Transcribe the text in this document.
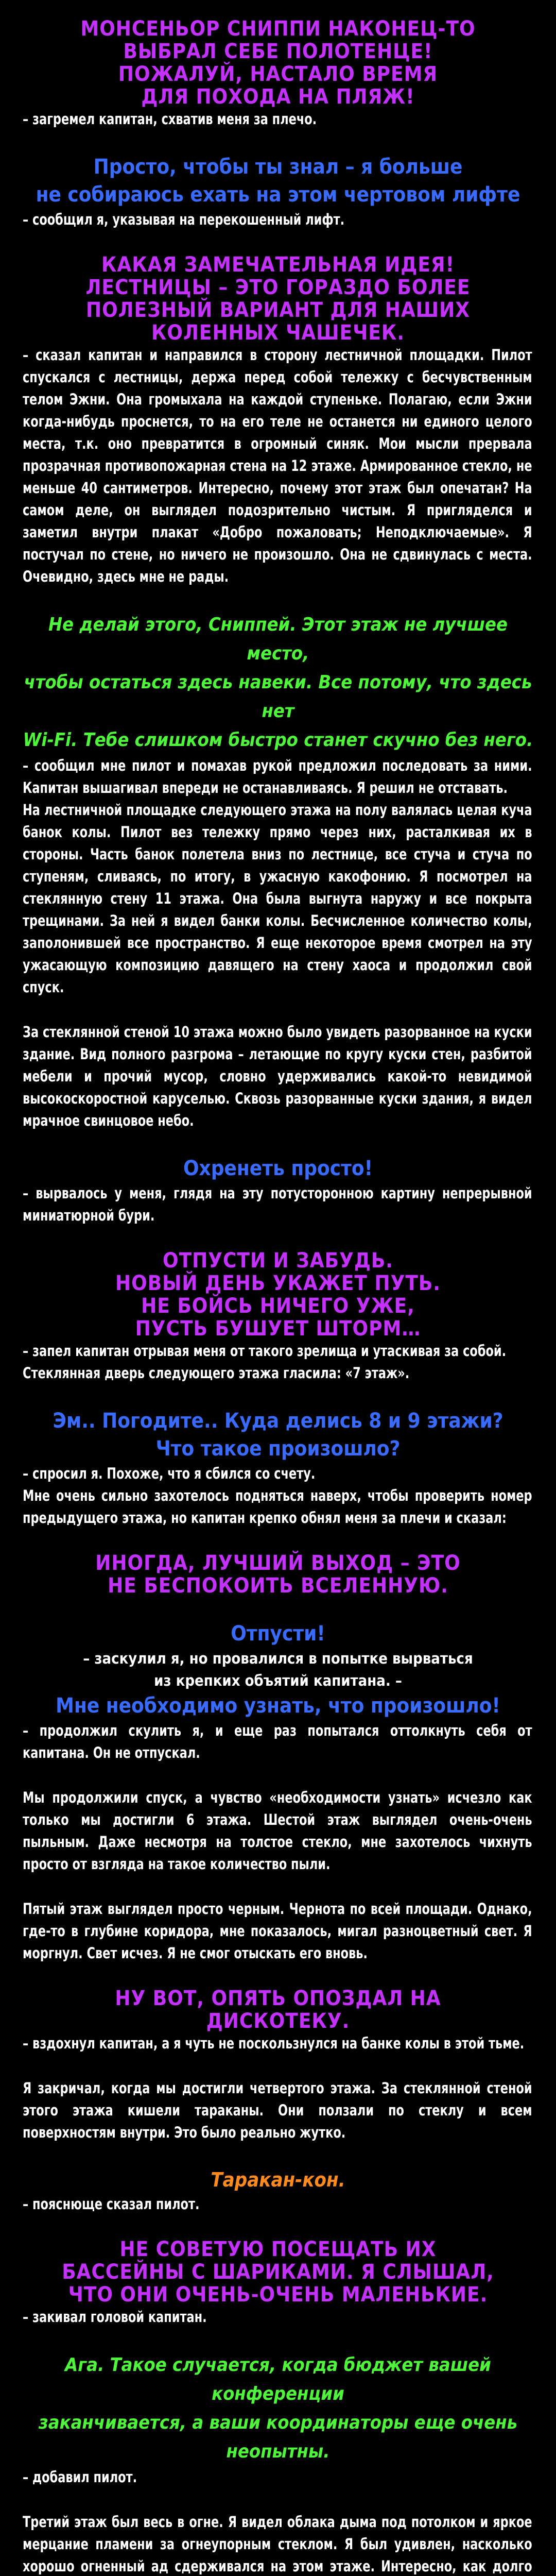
МОНСЕНЬОР СНИППИ НАКОНЕЦ-ТО
ВЫБРАЛ СЕБЕ ПОЛОТЕНЦЕ!
ПОЖАЛУЙ, НАСТАЛО ВРЕМЯ
ДЛЯ ПОХОДА НА ПЛЯЖ!
– загремел капитан, схватив меня за плечо.
Просто, чтобы ты знал – я больше
не собираюсь ехать на этом чертовом лифте
– сообщил я, указывая на перекошенный лифт.
КАКАЯ ЗАМЕЧАТЕЛЬНАЯ ИДЕЯ!
ЛЕСТНИЦЫ – ЭТО ГОРАЗДО БОЛЕЕ
ПОЛЕЗНЫЙ ВАРИАНТ ДЛЯ НАШИХ
КОЛЕННЫХ ЧАШЕЧЕК.
– сказал капитан и направился в сторону лестничной площадки. Пилот спускался с лестницы, держа перед собой тележку с бесчувственным телом Эжни. Она громыхала на каждой ступеньке. Полагаю, если Эжни когда-нибудь проснется, то на его теле не останется ни единого целого места, т.к. оно превратится в огромный синяк. Мои мысли прервала прозрачная противопожарная стена на 12 этаже. Армированное стекло, не меньше 40 сантиметров. Интересно, почему этот этаж был опечатан? На самом деле, он выглядел подозрительно чистым. Я пригляделся и заметил внутри плакат «Добро пожаловать; Неподключаемые». Я постучал по стене, но ничего не произошло. Она не сдвинулась с места. Очевидно, здесь мне не рады.
Не делай этого, Сниппей. Этот этаж не лучшее место,
чтобы остаться здесь навеки. Все потому, что здесь нет
Wi-Fi. Тебе слишком быстро станет скучно без него.
– сообщил мне пилот и помахав рукой предложил последовать за ними. Капитан вышагивал впереди не останавливаясь. Я решил не отставать.
На лестничной площадке следующего этажа на полу валялась целая куча банок колы. Пилот вез тележку прямо через них, расталкивая их в стороны. Часть банок полетела вниз по лестнице, все стуча и стуча по ступеням, сливаясь, по итогу, в ужасную какофонию. Я посмотрел на стеклянную стену 11 этажа. Она была выгнута наружу и все покрыта трещинами. За ней я видел банки колы. Бесчисленное количество колы, заполонившей все пространство. Я еще некоторое время смотрел на эту ужасающую композицию давящего на стену хаоса и продолжил свой спуск.
За стеклянной стеной 10 этажа можно было увидеть разорванное на куски здание. Вид полного разгрома – летающие по кругу куски стен, разбитой мебели и прочий мусор, словно удерживались какой-то невидимой высокоскоростной каруселью. Сквозь разорванные куски здания, я видел мрачное свинцовое небо.
Охренеть просто!
– вырвалось у меня, глядя на эту потусторонною картину непрерывной миниатюрной бури.
ОТПУСТИ И ЗАБУДЬ.
НОВЫЙ ДЕНЬ УКАЖЕТ ПУТЬ.
НЕ БОЙСЬ НИЧЕГО УЖЕ,
ПУСТЬ БУШУЕТ ШТОРМ…
– запел капитан отрывая меня от такого зрелища и утаскивая за собой.
Стеклянная дверь следующего этажа гласила: «7 этаж».
Эм.. Погодите.. Куда делись 8 и 9 этажи?
Что такое произошло?
– спросил я. Похоже, что я сбился со счету.
Мне очень сильно захотелось подняться наверх, чтобы проверить номер предыдущего этажа, но капитан крепко обнял меня за плечи и сказал:
ИНОГДА, ЛУЧШИЙ ВЫХОД – ЭТО
НЕ БЕСПОКОИТЬ ВСЕЛЕННУЮ.
Отпусти!
– заскулил я, но провалился в попытке вырваться
из крепких объятий капитана. –
Мне необходимо узнать, что произошло!
– продолжил скулить я, и еще раз попытался оттолкнуть себя от капитана. Он не отпускал.
Мы продолжили спуск, а чувство «необходимости узнать» исчезло как только мы достигли 6 этажа. Шестой этаж выглядел очень-очень пыльным. Даже несмотря на толстое стекло, мне захотелось чихнуть просто от взгляда на такое количество пыли.
Пятый этаж выглядел просто черным. Чернота по всей площади. Однако, где-то в глубине коридора, мне показалось, мигал разноцветный свет. Я моргнул. Свет исчез. Я не смог отыскать его вновь.
НУ ВОТ, ОПЯТЬ ОПОЗДАЛ НА
ДИСКОТЕКУ.
– вздохнул капитан, а я чуть не поскользнулся на банке колы в этой тьме.
Я закричал, когда мы достигли четвертого этажа. За стеклянной стеной этого этажа кишели тараканы. Они ползали по стеклу и всем поверхностям внутри. Это было реально жутко.
Таракан-кон.
– пояснюще сказал пилот.
НЕ СОВЕТУЮ ПОСЕЩАТЬ ИХ
БАССЕЙНЫ С ШАРИКАМИ. Я СЛЫШАЛ,
ЧТО ОНИ ОЧЕНЬ-ОЧЕНЬ МАЛЕНЬКИЕ.
– закивал головой капитан.
Ага. Такое случается, когда бюджет вашей конференции
заканчивается, а ваши координаторы еще очень
неопытны.
– добавил пилот.
Третий этаж был весь в огне. Я видел облака дыма под потолком и яркое мерцание пламени за огнеупорным стеклом. Я был удивлен, насколько хорошо огненный ад сдерживался на этом этаже. Интересно, как долго
